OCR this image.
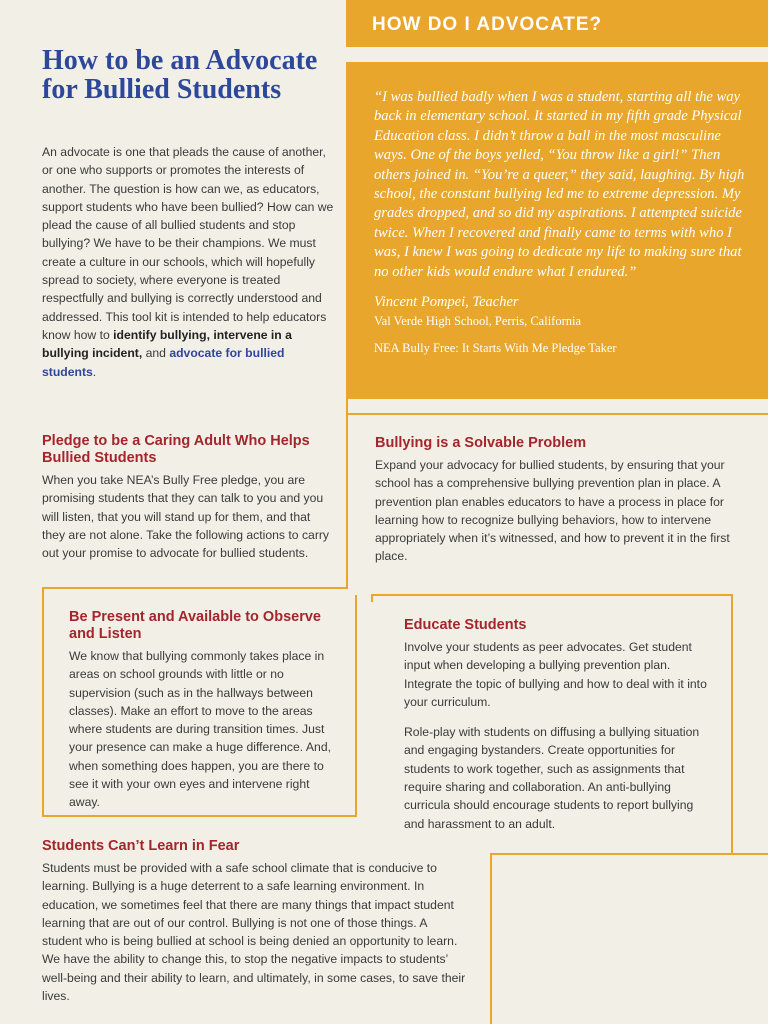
HOW DO I ADVOCATE?

“I was bullied badly when I was a student, starting all the way back in elementary school. It started in my fifth grade Physical Education class. I didn’t throw a ball in the most masculine ways. One of the boys yelled, “You throw like a girl!” Then others joined in. “You’re a queer,” they said, laughing. By high school, the constant bullying led me to extreme depression. My grades dropped, and so did my aspirations. I attempted suicide twice. When I recovered and finally came to terms with who I was, I knew I was going to dedicate my life to making sure that no other kids would endure what I endured.”

Vincent Pompei, Teacher
Val Verde High School, Perris, California
NEA Bully Free: It Starts With Me Pledge Taker
How to be an Advocate for Bullied Students

An advocate is one that pleads the cause of another, or one who supports or promotes the interests of another. The question is how can we, as educators, support students who have been bullied? How can we plead the cause of all bullied students and stop bullying? We have to be their champions. We must create a culture in our schools, which will hopefully spread to society, where everyone is treated respectfully and bullying is correctly understood and addressed. This tool kit is intended to help educators know how to identify bullying, intervene in a bullying incident, and advocate for bullied students.

Pledge to be a Caring Adult Who Helps Bullied Students

When you take NEA’s Bully Free pledge, you are promising students that they can talk to you and you will listen, that you will stand up for them, and that they are not alone. Take the following actions to carry out your promise to advocate for bullied students.

Bullying is a Solvable Problem

Expand your advocacy for bullied students, by ensuring that your school has a comprehensive bullying prevention plan in place. A prevention plan enables educators to have a process in place for learning how to recognize bullying behaviors, how to intervene appropriately when it’s witnessed, and how to prevent it in the first place.

Be Present and Available to Observe and Listen

We know that bullying commonly takes place in areas on school grounds with little or no supervision (such as in the hallways between classes). Make an effort to move to the areas where students are during transition times. Just your presence can make a huge difference. And, when something does happen, you are there to see it with your own eyes and intervene right away.

Educate Students

Involve your students as peer advocates. Get student input when developing a bullying prevention plan. Integrate the topic of bullying and how to deal with it into your curriculum.

Role-play with students on diffusing a bullying situation and engaging bystanders. Create opportunities for students to work together, such as assignments that require sharing and collaboration. An anti-bullying curricula should encourage students to report bullying and harassment to an adult.

Students Can’t Learn in Fear

Students must be provided with a safe school climate that is conducive to learning. Bullying is a huge deterrent to a safe learning environment. In education, we sometimes feel that there are many things that impact student learning that are out of our control. Bullying is not one of those things. A student who is being bullied at school is being denied an opportunity to learn. We have the ability to change this, to stop the negative impacts to students’ well-being and their ability to learn, and ultimately, in some cases, to save their lives.
